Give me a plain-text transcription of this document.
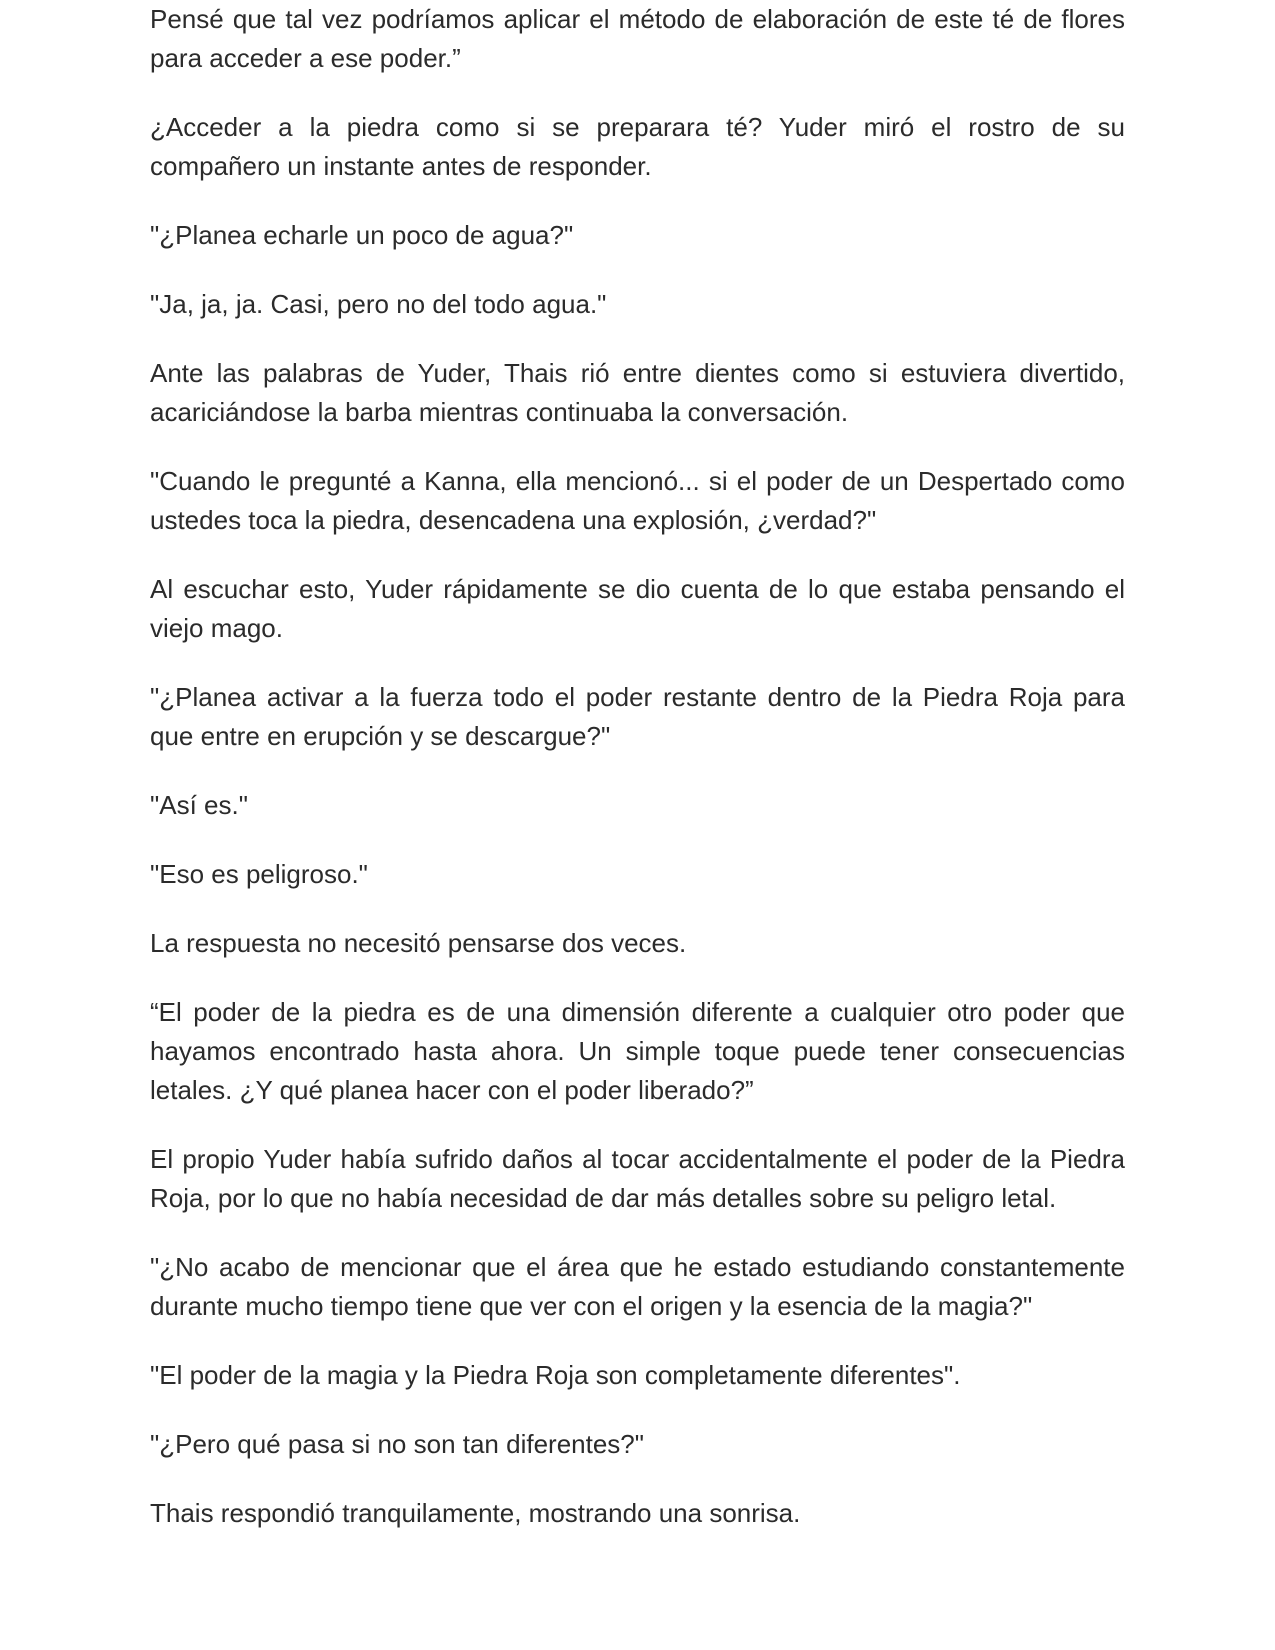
Pensé que tal vez podríamos aplicar el método de elaboración de este té de flores para acceder a ese poder.”

¿Acceder a la piedra como si se preparara té? Yuder miró el rostro de su compañero un instante antes de responder.

"¿Planea echarle un poco de agua?"

"Ja, ja, ja. Casi, pero no del todo agua."

Ante las palabras de Yuder, Thais rió entre dientes como si estuviera divertido, acariciándose la barba mientras continuaba la conversación.

"Cuando le pregunté a Kanna, ella mencionó... si el poder de un Despertado como ustedes toca la piedra, desencadena una explosión, ¿verdad?"

Al escuchar esto, Yuder rápidamente se dio cuenta de lo que estaba pensando el viejo mago.

"¿Planea activar a la fuerza todo el poder restante dentro de la Piedra Roja para que entre en erupción y se descargue?"

"Así es."

"Eso es peligroso."

La respuesta no necesitó pensarse dos veces.

“El poder de la piedra es de una dimensión diferente a cualquier otro poder que hayamos encontrado hasta ahora. Un simple toque puede tener consecuencias letales. ¿Y qué planea hacer con el poder liberado?”

El propio Yuder había sufrido daños al tocar accidentalmente el poder de la Piedra Roja, por lo que no había necesidad de dar más detalles sobre su peligro letal.

"¿No acabo de mencionar que el área que he estado estudiando constantemente durante mucho tiempo tiene que ver con el origen y la esencia de la magia?"

"El poder de la magia y la Piedra Roja son completamente diferentes".

"¿Pero qué pasa si no son tan diferentes?"

Thais respondió tranquilamente, mostrando una sonrisa.
